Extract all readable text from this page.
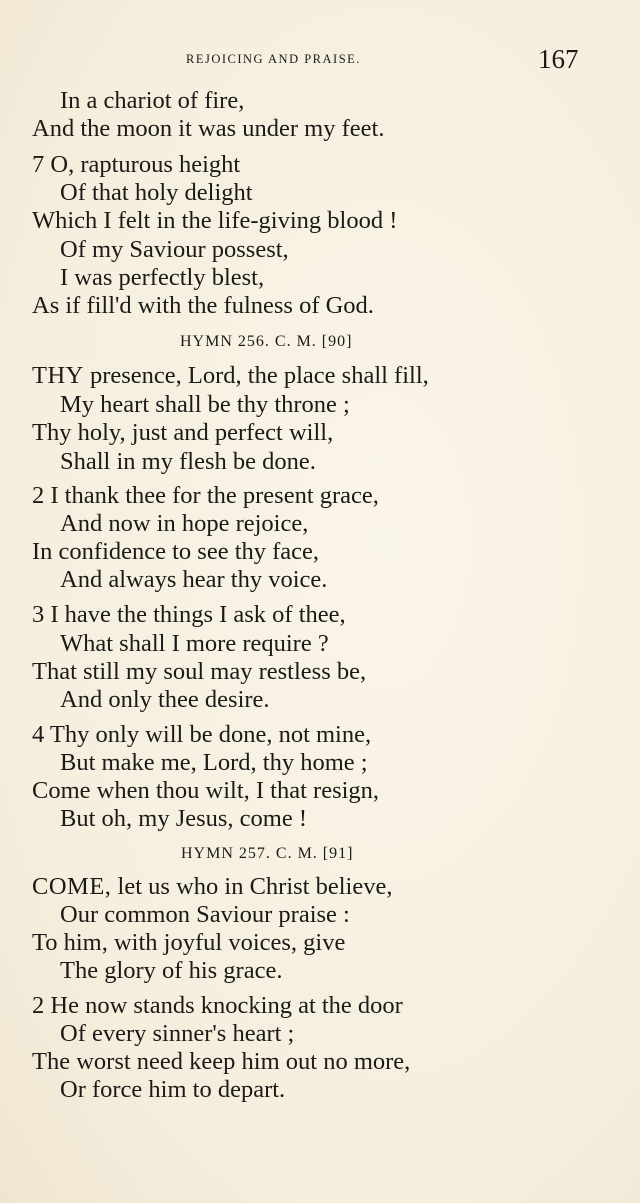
REJOICING AND PRAISE.	167
In a chariot of fire,
And the moon it was under my feet.
7 O, rapturous height
Of that holy delight
Which I felt in the life-giving blood !
Of my Saviour possest,
I was perfectly blest,
As if fill'd with the fulness of God.
HYMN 256. C. M. [90]
THY presence, Lord, the place shall fill,
My heart shall be thy throne ;
Thy holy, just and perfect will,
Shall in my flesh be done.
2 I thank thee for the present grace,
And now in hope rejoice,
In confidence to see thy face,
And always hear thy voice.
3 I have the things I ask of thee,
What shall I more require ?
That still my soul may restless be,
And only thee desire.
4 Thy only will be done, not mine,
But make me, Lord, thy home ;
Come when thou wilt, I that resign,
But oh, my Jesus, come !
HYMN 257. C. M. [91]
COME, let us who in Christ believe,
Our common Saviour praise :
To him, with joyful voices, give
The glory of his grace.
2 He now stands knocking at the door
Of every sinner's heart ;
The worst need keep him out no more,
Or force him to depart.
